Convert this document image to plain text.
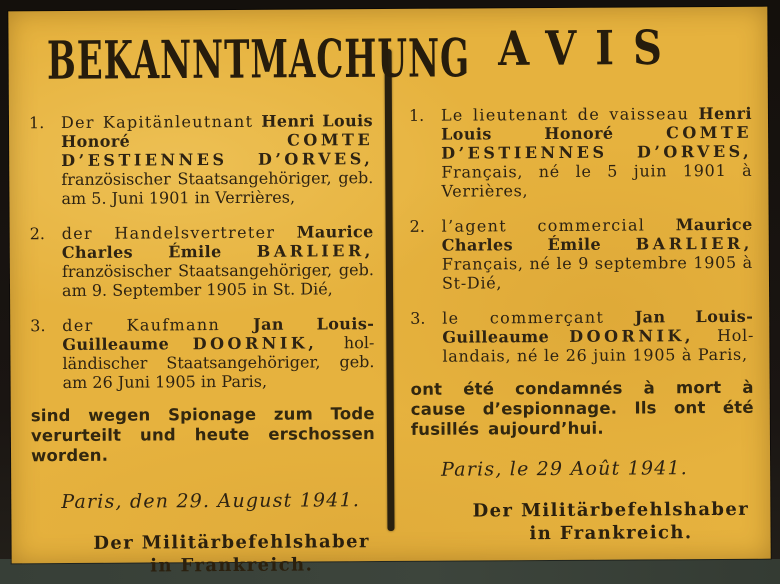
BEKANNTMACHUNG

1. Der Kapitänleutnant Henri Louis Honoré COMTE D’ESTIENNES D’ORVES, französischer Staatsangehöriger, geb. am 5. Juni 1901 in Verrières,

2. der Handelsvertreter Maurice Charles Émile BARLIER, französischer Staatsangehöriger, geb. am 9. September 1905 in St. Dié,

3. der Kaufmann Jan Louis-Guilleaume DOORNIK, holländischer Staatsangehöriger, geb. am 26 Juni 1905 in Paris,

sind wegen Spionage zum Tode verurteilt und heute erschossen worden.

Paris, den 29. August 1941.

Der Militärbefehlshaber
in Frankreich.

AVIS

1. Le lieutenant de vaisseau Henri Louis Honoré COMTE D’ESTIENNES D’ORVES, Français, né le 5 juin 1901 à Verrières,

2. l’agent commercial Maurice Charles Émile BARLIER, Français, né le 9 septembre 1905 à St-Dié,

3. le commerçant Jan Louis-Guilleaume DOORNIK, Hollandais, né le 26 juin 1905 à Paris,

ont été condamnés à mort à cause d’espionnage. Ils ont été fusillés aujourd’hui.

Paris, le 29 Août 1941.

Der Militärbefehlshaber
in Frankreich.
